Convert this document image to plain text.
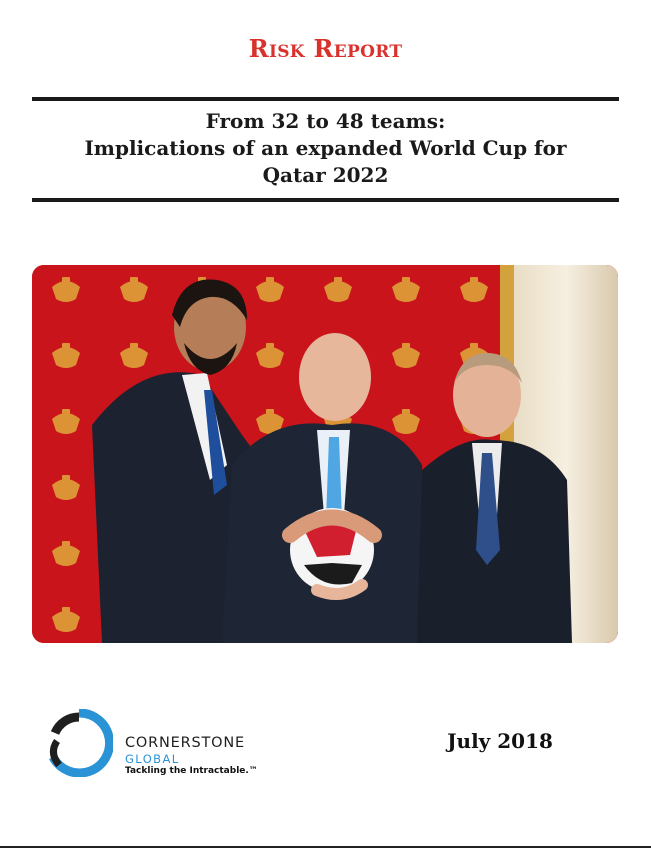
Risk Report
From 32 to 48 teams:
Implications of an expanded World Cup for
Qatar 2022
CORNERSTONE
GLOBAL
Tackling the Intractable.™
July 2018
